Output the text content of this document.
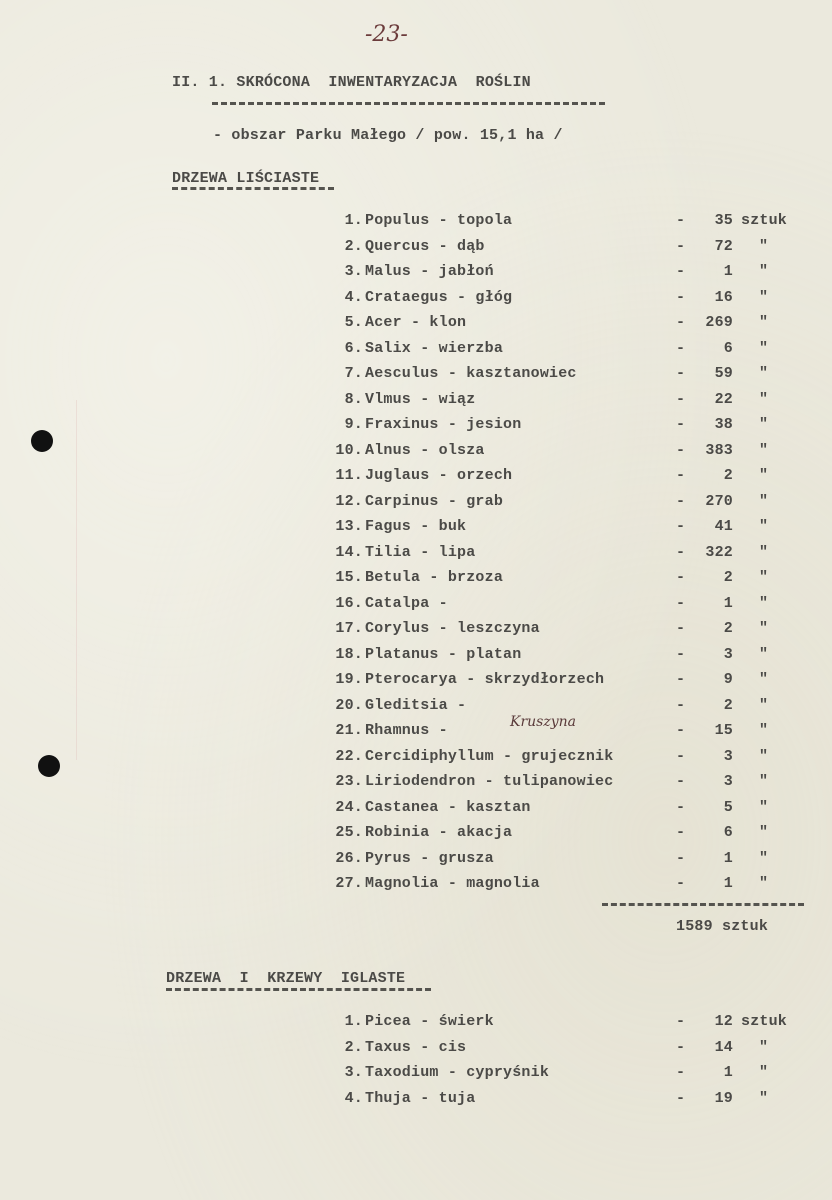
-23-
II. 1. SKRÓCONA  INWENTARYZACJA  ROŚLIN
- obszar Parku Małego / pow. 15,1 ha /
DRZEWA LIŚCIASTE
1. Populus - topola	-	35 sztuk
2. Quercus - dąb	-	72 "
3. Malus - jabłoń	-	1 "
4. Crataegus - głóg	-	16 "
5. Acer - klon	-	269 "
6. Salix - wierzba	-	6 "
7. Aesculus - kasztanowiec	-	59 "
8. Vlmus - wiąz	-	22 "
9. Fraxinus - jesion	-	38 "
10. Alnus - olsza	-	383 "
11. Juglaus - orzech	-	2 "
12. Carpinus - grab	-	270 "
13. Fagus - buk	-	41 "
14. Tilia - lipa	-	322 "
15. Betula - brzoza	-	2 "
16. Catalpa -	-	1 "
17. Corylus - leszczyna	-	2 "
18. Platanus - platan	-	3 "
19. Pterocarya - skrzydłorzech	-	9 "
20. Gleditsia -	-	2 "
21. Rhamnus -	-	15 "
Kruszyna
22. Cercidiphyllum - grujecznik	-	3 "
23. Liriodendron - tulipanowiec	-	3 "
24. Castanea - kasztan	-	5 "
25. Robinia - akacja	-	6 "
26. Pyrus - grusza	-	1 "
27. Magnolia - magnolia	-	1 "
1589 sztuk
DRZEWA  I  KRZEWY  IGLASTE
1. Picea - świerk	-	12 sztuk
2. Taxus - cis	-	14 "
3. Taxodium - cypryśnik	-	1 "
4. Thuja - tuja	-	19 "
